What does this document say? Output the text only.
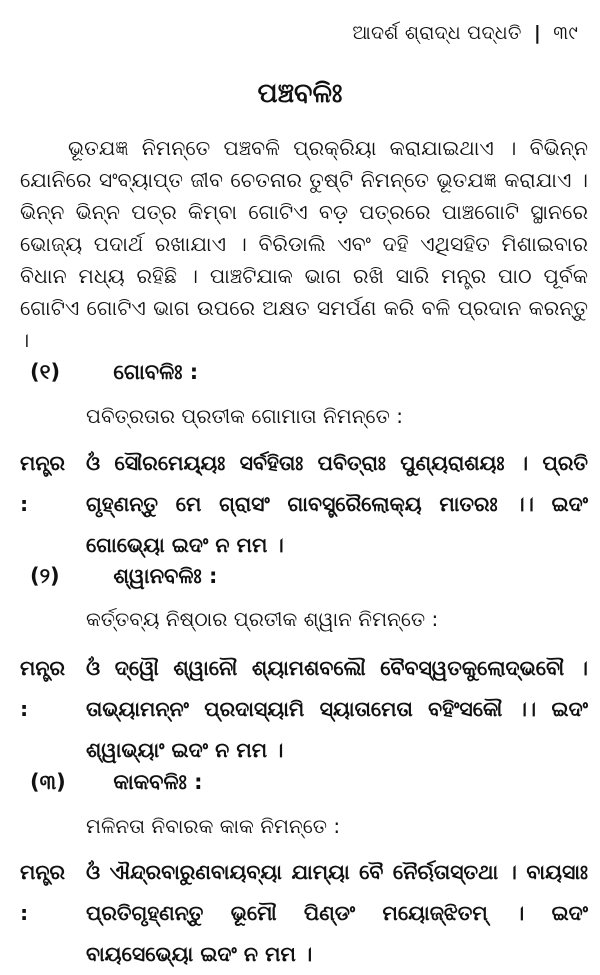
ଆଦର୍ଶ ଶ୍ରାଦ୍ଧ ପଦ୍ଧତି | ୩୯
ପଞ୍ଚବଳିଃ

ଭୂତଯଜ୍ଞ ନିମନ୍ତେ ପଞ୍ଚବଳି ପ୍ରକ୍ରିୟା କରାଯାଇଥାଏ । ବିଭିନ୍ନ ଯୋନିରେ ସଂବ୍ୟାପ୍ତ ଜୀବ ଚେତନାର ତୁଷ୍ଟି ନିମନ୍ତେ ଭୂତଯଜ୍ଞ କରାଯାଏ । ଭିନ୍ନ ଭିନ୍ନ ପତ୍ର କିମ୍ବା ଗୋଟିଏ ବଡ଼ ପତ୍ରରେ ପାଞ୍ଚଗୋଟି ସ୍ଥାନରେ ଭୋଜ୍ୟ ପଦାର୍ଥ ରଖାଯାଏ । ବିରିଡାଲି ଏବଂ ଦହି ଏଥିସହିତ ମିଶାଇବାର ବିଧାନ ମଧ୍ୟ ରହିଛି । ପାଞ୍ଚଟିଯାକ ଭାଗ ରଖି ସାରି ମନ୍ତ୍ର ପାଠ ପୂର୍ବକ ଗୋଟିଏ ଗୋଟିଏ ଭାଗ ଉପରେ ଅକ୍ଷତ ସମର୍ପଣ କରି ବଳି ପ୍ରଦାନ କରନ୍ତୁ ।

(୧)	ଗୋବଳିଃ :
ପବିତ୍ରତାର ପ୍ରତୀକ ଗୋମାତା ନିମନ୍ତେ :
ମନ୍ତ୍ର :
ଓଁ ସୌରମେୟ୍ୟଃ ସର୍ବହିତାଃ ପବିତ୍ରାଃ ପୁଣ୍ୟରାଶୟଃ । ପ୍ରତି ଗୃହ୍ଣନ୍ତୁ ମେ ଗ୍ରାସଂ ଗାବସ୍ତ୍ରୈଲୋକ୍ୟ ମାତରଃ ।। ଇଦଂ ଗୋଭ୍ୟୋ ଇଦଂ ନ ମମ ।
(୨)	ଶ୍ୱାନବଳିଃ :
କର୍ତ୍ତବ୍ୟ ନିଷ୍ଠାର ପ୍ରତୀକ ଶ୍ୱାନ ନିମନ୍ତେ :
ମନ୍ତ୍ର :
ଓଁ ଦ୍ୱୌ ଶ୍ୱାନୌ ଶ୍ୟାମଶବଲୌ ବୈବସ୍ୱତକୁଲୋଦ୍ଭବୌ । ତାଭ୍ୟାମନ୍ନଂ ପ୍ରଦାସ୍ୟାମି ସ୍ୟାତାମେତା ବହିଂସକୌ ।। ଇଦଂ ଶ୍ୱାଭ୍ୟାଂ ଇଦଂ ନ ମମ ।
(୩) କାକବଳିଃ :
ମଳିନତା ନିବାରକ କାକ ନିମନ୍ତେ :
ମନ୍ତ୍ର :
ଓଁ ଐନ୍ଦ୍ରବାରୁଣବାୟବ୍ୟା ଯାମ୍ୟା ବୈ ନୈର୍ଋତାସ୍ତଥା । ବାୟସାଃ ପ୍ରତିଗୃହ୍ଣନ୍ତୁ ଭୂମୌ ପିଣ୍ଡଂ ମୟୋଜ୍‌ଝିତମ୍ । ଇଦଂ ବାୟସେଭ୍ୟୋ ଇଦଂ ନ ମମ ।
